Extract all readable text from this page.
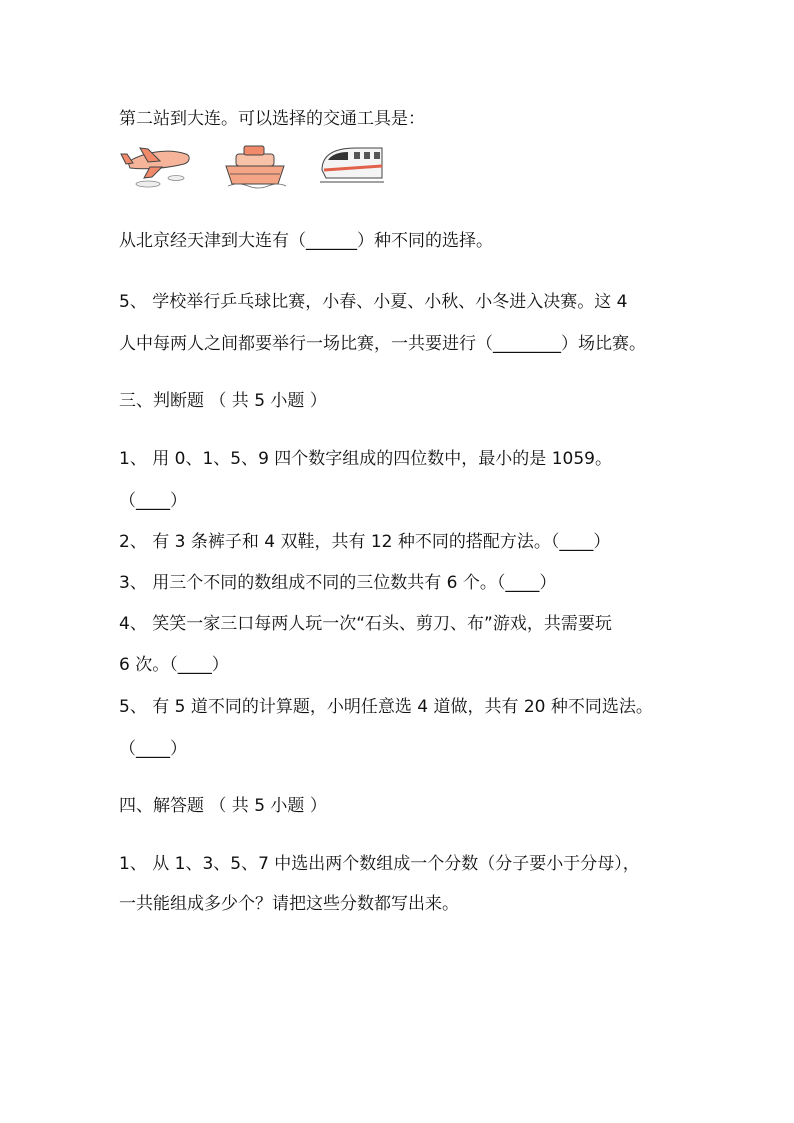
第二站到大连。可以选择的交通工具是：
从北京经天津到大连有（______）种不同的选择。
5、 学校举行乒乓球比赛，小春、小夏、小秋、小冬进入决赛。这 4
人中每两人之间都要举行一场比赛，一共要进行（________）场比赛。
三、判断题 （ 共 5 小题 ）
1、 用 0、1、5、9 四个数字组成的四位数中，最小的是 1059。
（____）
2、 有 3 条裤子和 4 双鞋，共有 12 种不同的搭配方法。（____）
3、 用三个不同的数组成不同的三位数共有 6 个。（____）
4、 笑笑一家三口每两人玩一次“石头、剪刀、布”游戏，共需要玩
6 次。（____）
5、 有 5 道不同的计算题，小明任意选 4 道做，共有 20 种不同选法。
（____）
四、解答题 （ 共 5 小题 ）
1、 从 1、3、5、7 中选出两个数组成一个分数（分子要小于分母），
一共能组成多少个？请把这些分数都写出来。
